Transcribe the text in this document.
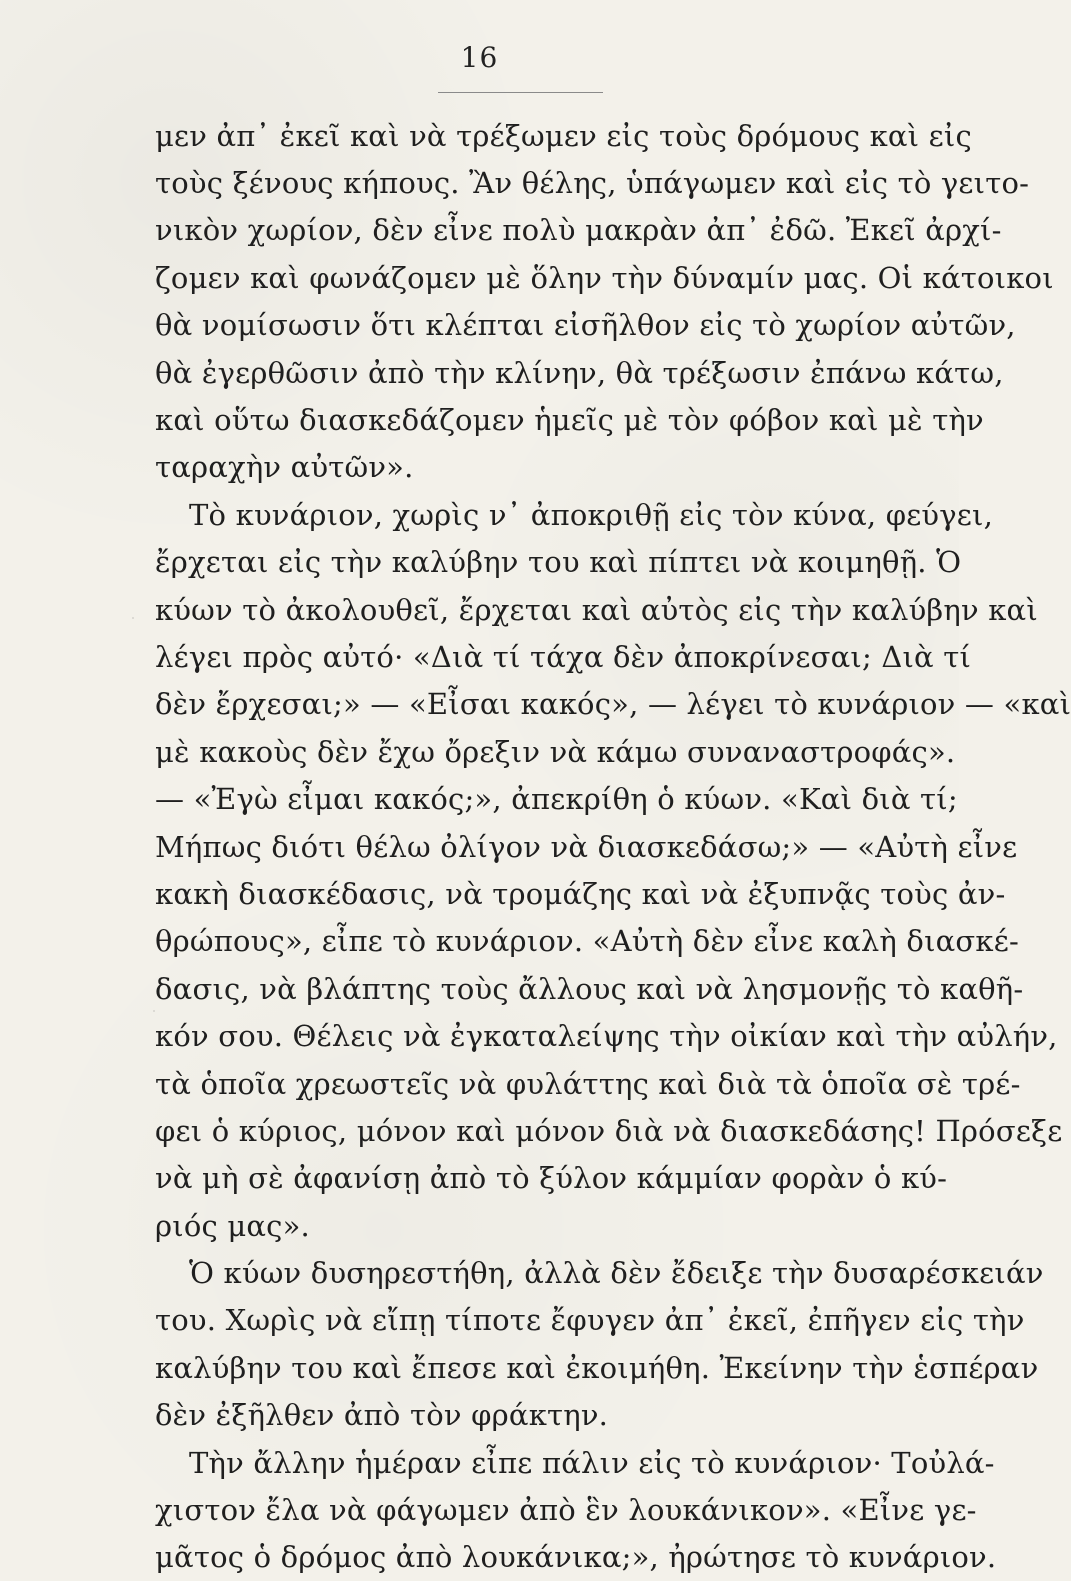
16
μεν ἀπ᾽ ἐκεῖ καὶ νὰ τρέξωμεν εἰς τοὺς δρόμους καὶ εἰς
τοὺς ξένους κήπους. Ἂν θέλης, ὑπάγωμεν καὶ εἰς τὸ γειτο-
νικὸν χωρίον, δὲν εἶνε πολὺ μακρὰν ἀπ᾽ ἐδῶ. Ἐκεῖ ἀρχί-
ζομεν καὶ φωνάζομεν μὲ ὅλην τὴν δύναμίν μας. Οἱ κάτοικοι
θὰ νομίσωσιν ὅτι κλέπται εἰσῆλθον εἰς τὸ χωρίον αὐτῶν,
θὰ ἐγερθῶσιν ἀπὸ τὴν κλίνην, θὰ τρέξωσιν ἐπάνω κάτω,
καὶ οὕτω διασκεδάζομεν ἡμεῖς μὲ τὸν φόβον καὶ μὲ τὴν
ταραχὴν αὐτῶν».
Τὸ κυνάριον, χωρὶς ν᾽ ἀποκριθῇ εἰς τὸν κύνα, φεύγει,
ἔρχεται εἰς τὴν καλύβην του καὶ πίπτει νὰ κοιμηθῇ. Ὁ
κύων τὸ ἀκολουθεῖ, ἔρχεται καὶ αὐτὸς εἰς τὴν καλύβην καὶ
λέγει πρὸς αὐτό· «Διὰ τί τάχα δὲν ἀποκρίνεσαι; Διὰ τί
δὲν ἔρχεσαι;» — «Εἶσαι κακός», — λέγει τὸ κυνάριον — «καὶ
μὲ κακοὺς δὲν ἔχω ὄρεξιν νὰ κάμω συναναστροφάς».
— «Ἐγὼ εἶμαι κακός;», ἀπεκρίθη ὁ κύων. «Καὶ διὰ τί;
Μήπως διότι θέλω ὀλίγον νὰ διασκεδάσω;» — «Αὐτὴ εἶνε
κακὴ διασκέδασις, νὰ τρομάζης καὶ νὰ ἐξυπνᾷς τοὺς ἀν-
θρώπους», εἶπε τὸ κυνάριον. «Αὐτὴ δὲν εἶνε καλὴ διασκέ-
δασις, νὰ βλάπτης τοὺς ἄλλους καὶ νὰ λησμονῇς τὸ καθῆ-
κόν σου. Θέλεις νὰ ἐγκαταλείψης τὴν οἰκίαν καὶ τὴν αὐλήν,
τὰ ὁποῖα χρεωστεῖς νὰ φυλάττης καὶ διὰ τὰ ὁποῖα σὲ τρέ-
φει ὁ κύριος, μόνον καὶ μόνον διὰ νὰ διασκεδάσης! Πρόσεξε
νὰ μὴ σὲ ἀφανίσῃ ἀπὸ τὸ ξύλον κάμμίαν φορὰν ὁ κύ-
ριός μας».
Ὁ κύων δυσηρεστήθη, ἀλλὰ δὲν ἔδειξε τὴν δυσαρέσκειάν
του. Χωρὶς νὰ εἴπῃ τίποτε ἔφυγεν ἀπ᾽ ἐκεῖ, ἐπῆγεν εἰς τὴν
καλύβην του καὶ ἔπεσε καὶ ἐκοιμήθη. Ἐκείνην τὴν ἑσπέραν
δὲν ἐξῆλθεν ἀπὸ τὸν φράκτην.
Τὴν ἄλλην ἡμέραν εἶπε πάλιν εἰς τὸ κυνάριον· Τοὐλά-
χιστον ἔλα νὰ φάγωμεν ἀπὸ ἓν λουκάνικον». «Εἶνε γε-
μᾶτος ὁ δρόμος ἀπὸ λουκάνικα;», ἠρώτησε τὸ κυνάριον.
